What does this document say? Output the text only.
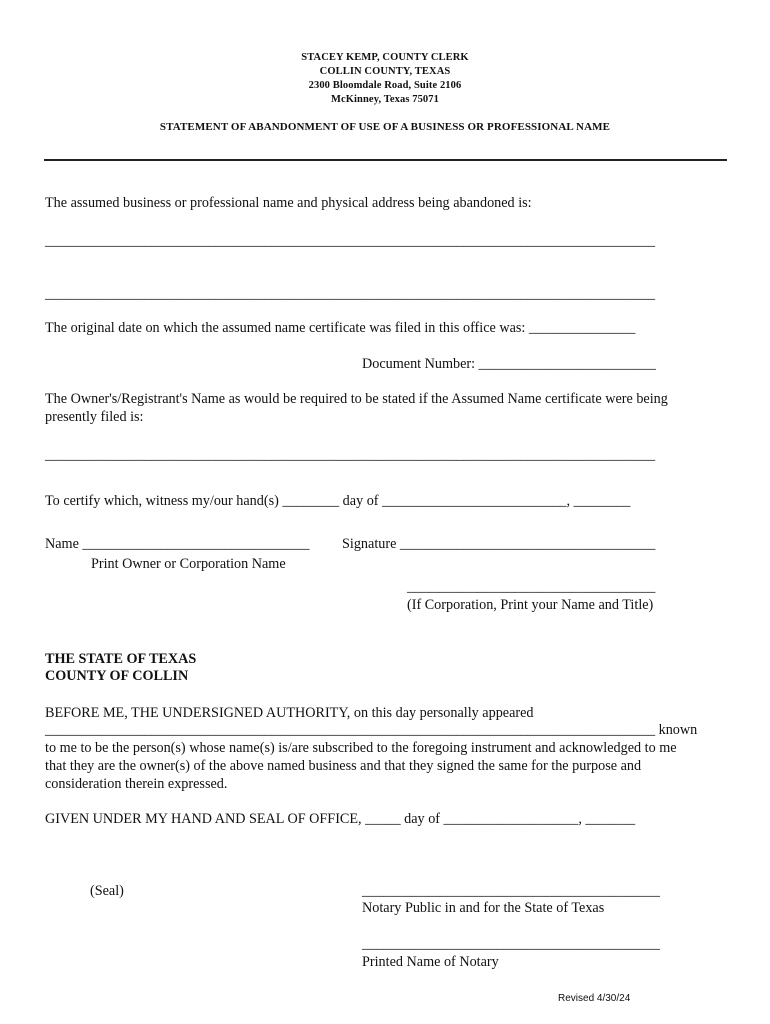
STACEY KEMP, COUNTY CLERK
COLLIN COUNTY, TEXAS
2300 Bloomdale Road, Suite 2106
McKinney, Texas 75071
STATEMENT OF ABANDONMENT OF USE OF A BUSINESS OR PROFESSIONAL NAME
The assumed business or professional name and physical address being abandoned is:
______________________________________________________________________________________
______________________________________________________________________________________
The original date on which the assumed name certificate was filed in this office was: _______________
Document Number: _________________________
The Owner's/Registrant's Name as would be required to be stated if the Assumed Name certificate were being
presently filed is:
______________________________________________________________________________________
To certify which, witness my/our hand(s) ________ day of __________________________, ________
Name ________________________________ Signature ____________________________________
Print Owner or Corporation Name
___________________________________
(If Corporation, Print your Name and Title)
THE STATE OF TEXAS
COUNTY OF COLLIN
BEFORE ME, THE UNDERSIGNED AUTHORITY, on this day personally appeared
______________________________________________________________________________________ known
to me to be the person(s) whose name(s) is/are subscribed to the foregoing instrument and acknowledged to me
that they are the owner(s) of the above named business and that they signed the same for the purpose and
consideration therein expressed.
GIVEN UNDER MY HAND AND SEAL OF OFFICE, _____ day of ___________________, _______
(Seal)	__________________________________________
Notary Public in and for the State of Texas
__________________________________________
Printed Name of Notary
Revised 4/30/24
